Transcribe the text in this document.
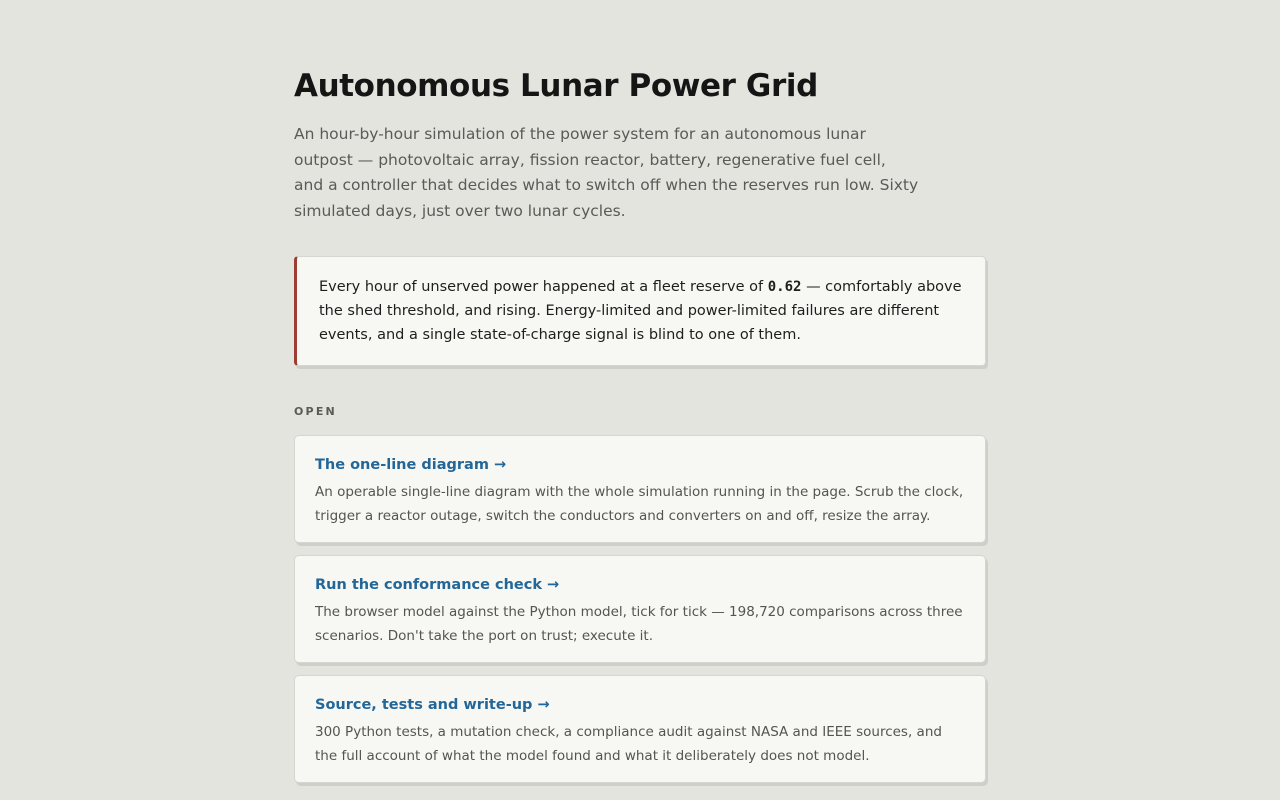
Autonomous Lunar Power Grid

An hour-by-hour simulation of the power system for an autonomous lunar outpost — photovoltaic array, fission reactor, battery, regenerative fuel cell, and a controller that decides what to switch off when the reserves run low. Sixty simulated days, just over two lunar cycles.

Every hour of unserved power happened at a fleet reserve of 0.62 — comfortably above the shed threshold, and rising. Energy-limited and power-limited failures are different events, and a single state-of-charge signal is blind to one of them.

OPEN
The one-line diagram →

An operable single-line diagram with the whole simulation running in the page. Scrub the clock, trigger a reactor outage, switch the conductors and converters on and off, resize the array.

Run the conformance check →

The browser model against the Python model, tick for tick — 198,720 comparisons across three scenarios. Don't take the port on trust; execute it.

Source, tests and write-up →

300 Python tests, a mutation check, a compliance audit against NASA and IEEE sources, and the full account of what the model found and what it deliberately does not model.
